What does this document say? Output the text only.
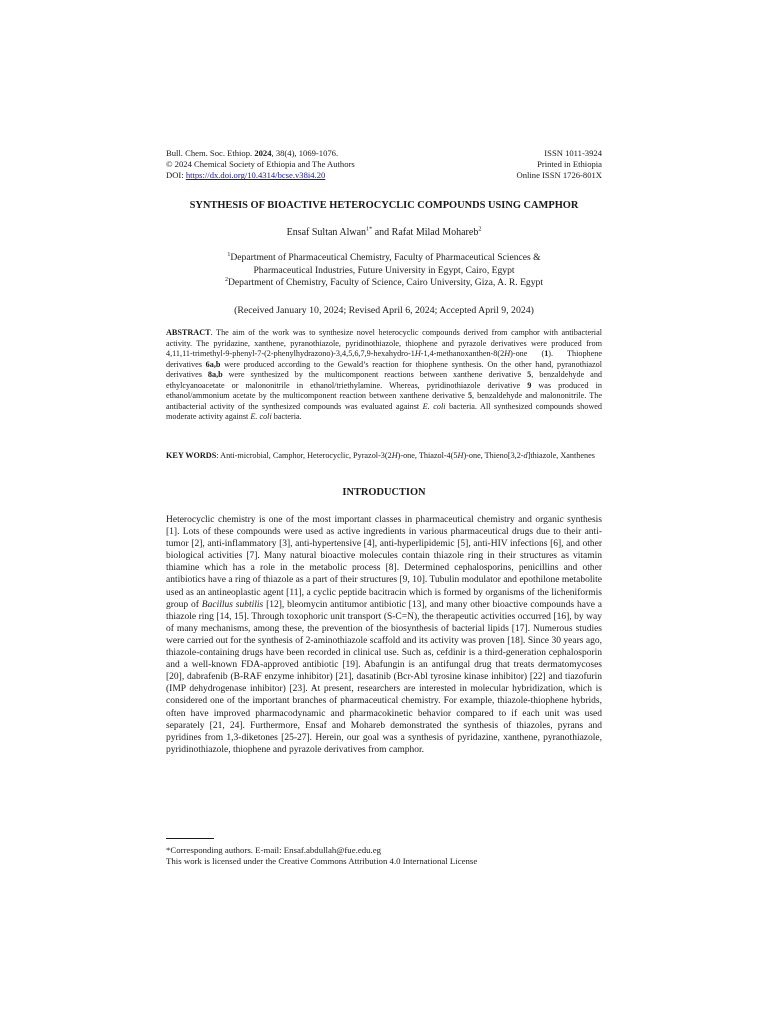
Bull. Chem. Soc. Ethiop. 2024, 38(4), 1069-1076.	ISSN 1011-3924
© 2024 Chemical Society of Ethiopia and The Authors	Printed in Ethiopia
DOI: https://dx.doi.org/10.4314/bcse.v38i4.20	Online ISSN 1726-801X
SYNTHESIS OF BIOACTIVE HETEROCYCLIC COMPOUNDS USING CAMPHOR
Ensaf Sultan Alwan$^{1*}$ and Rafat Milad Mohareb$^2$
$^1$Department of Pharmaceutical Chemistry, Faculty of Pharmaceutical Sciences &
Pharmaceutical Industries, Future University in Egypt, Cairo, Egypt
$^2$Department of Chemistry, Faculty of Science, Cairo University, Giza, A. R. Egypt
(Received January 10, 2024; Revised April 6, 2024; Accepted April 9, 2024)

ABSTRACT. The aim of the work was to synthesize novel heterocyclic compounds derived from camphor with antibacterial activity. The pyridazine, xanthene, pyranothiazole, pyridinothiazole, thiophene and pyrazole derivatives were produced from 4,11,11-trimethyl-9-phenyl-7-(2-phenylhydrazono)-3,4,5,6,7,9-hexahydro-1H-1,4-methanoxanthen-8(2H)-one (1). Thiophene derivatives 6a,b were produced according to the Gewald’s reaction for thiophene synthesis. On the other hand, pyranothiazol derivatives 8a,b were synthesized by the multicomponent reactions between xanthene derivative 5, benzaldehyde and ethylcyanoacetate or malononitrile in ethanol/triethylamine. Whereas, pyridinothiazole derivative 9 was produced in ethanol/ammonium acetate by the multicomponent reaction between xanthene derivative 5, benzaldehyde and malononitrile. The antibacterial activity of the synthesized compounds was evaluated against E. coli bacteria. All synthesized compounds showed moderate activity against E. coli bacteria.

KEY WORDS: Anti-microbial, Camphor, Heterocyclic, Pyrazol-3(2H)-one, Thiazol-4(5H)-one, Thieno[3,2-d]thiazole, Xanthenes

INTRODUCTION

Heterocyclic chemistry is one of the most important classes in pharmaceutical chemistry and organic synthesis [1]. Lots of these compounds were used as active ingredients in various pharmaceutical drugs due to their anti-tumor [2], anti-inflammatory [3], anti-hypertensive [4], anti-hyperlipidemic [5], anti-HIV infections [6], and other biological activities [7]. Many natural bioactive molecules contain thiazole ring in their structures as vitamin thiamine which has a role in the metabolic process [8]. Determined cephalosporins, penicillins and other antibiotics have a ring of thiazole as a part of their structures [9, 10]. Tubulin modulator and epothilone metabolite used as an antineoplastic agent [11], a cyclic peptide bacitracin which is formed by organisms of the licheniformis group of Bacillus subtilis [12], bleomycin antitumor antibiotic [13], and many other bioactive compounds have a thiazole ring [14, 15]. Through toxophoric unit transport (S-C=N), the therapeutic activities occurred [16], by way of many mechanisms, among these, the prevention of the biosynthesis of bacterial lipids [17]. Numerous studies were carried out for the synthesis of 2-aminothiazole scaffold and its activity was proven [18]. Since 30 years ago, thiazole-containing drugs have been recorded in clinical use. Such as, cefdinir is a third-generation cephalosporin and a well-known FDA-approved antibiotic [19]. Abafungin is an antifungal drug that treats dermatomycoses [20], dabrafenib (B-RAF enzyme inhibitor) [21], dasatinib (Bcr-Abl tyrosine kinase inhibitor) [22] and tiazofurin (IMP dehydrogenase inhibitor) [23]. At present, researchers are interested in molecular hybridization, which is considered one of the important branches of pharmaceutical chemistry. For example, thiazole-thiophene hybrids, often have improved pharmacodynamic and pharmacokinetic behavior compared to if each unit was used separately [21, 24]. Furthermore, Ensaf and Mohareb demonstrated the synthesis of thiazoles, pyrans and pyridines from 1,3-diketones [25-27]. Herein, our goal was a synthesis of pyridazine, xanthene, pyranothiazole, pyridinothiazole, thiophene and pyrazole derivatives from camphor.

*Corresponding authors. E-mail: Ensaf.abdullah@fue.edu.eg
This work is licensed under the Creative Commons Attribution 4.0 International License
